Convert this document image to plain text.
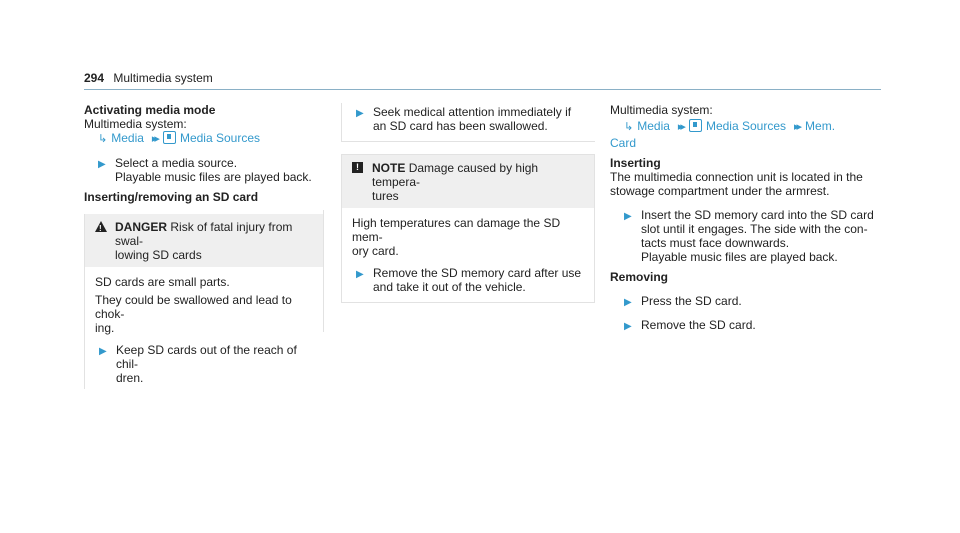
294 Multimedia system
Activating media mode
Multimedia system:
↳ Media ▸▸ Media Sources
▶ Select a media source.
Playable music files are played back.
Inserting/removing an SD card
!
DANGER Risk of fatal injury from swal-
lowing SD cards
SD cards are small parts.
They could be swallowed and lead to chok-
ing.
▶ Keep SD cards out of the reach of chil-
dren.
▶ Seek medical attention immediately if
an SD card has been swallowed.
!	NOTE Damage caused by high tempera-
tures
High temperatures can damage the SD mem-
ory card.
▶ Remove the SD memory card after use
and take it out of the vehicle.
Multimedia system:
↳ Media ▸▸ Media Sources ▸▸ Mem.
Card
Inserting
The multimedia connection unit is located in the
stowage compartment under the armrest.
▶ Insert the SD memory card into the SD card
slot until it engages. The side with the con-
tacts must face downwards.
Playable music files are played back.
Removing
▶ Press the SD card.
▶ Remove the SD card.
